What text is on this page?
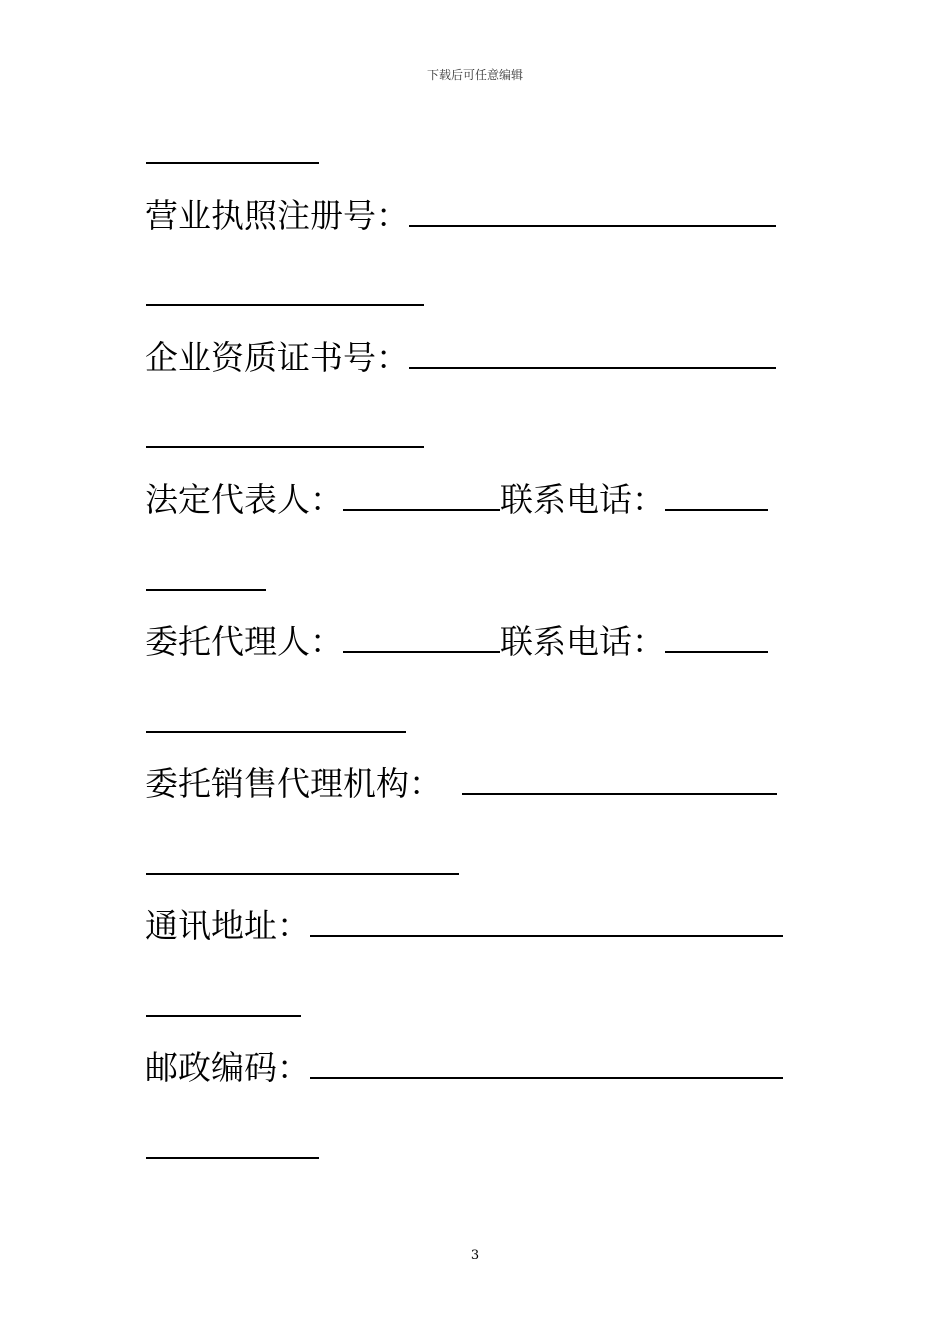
下载后可任意编辑
营业执照注册号：
企业资质证书号：
法定代表人：	联系电话：
委托代理人：	联系电话：
委托销售代理机构：
通讯地址：
邮政编码：
3
